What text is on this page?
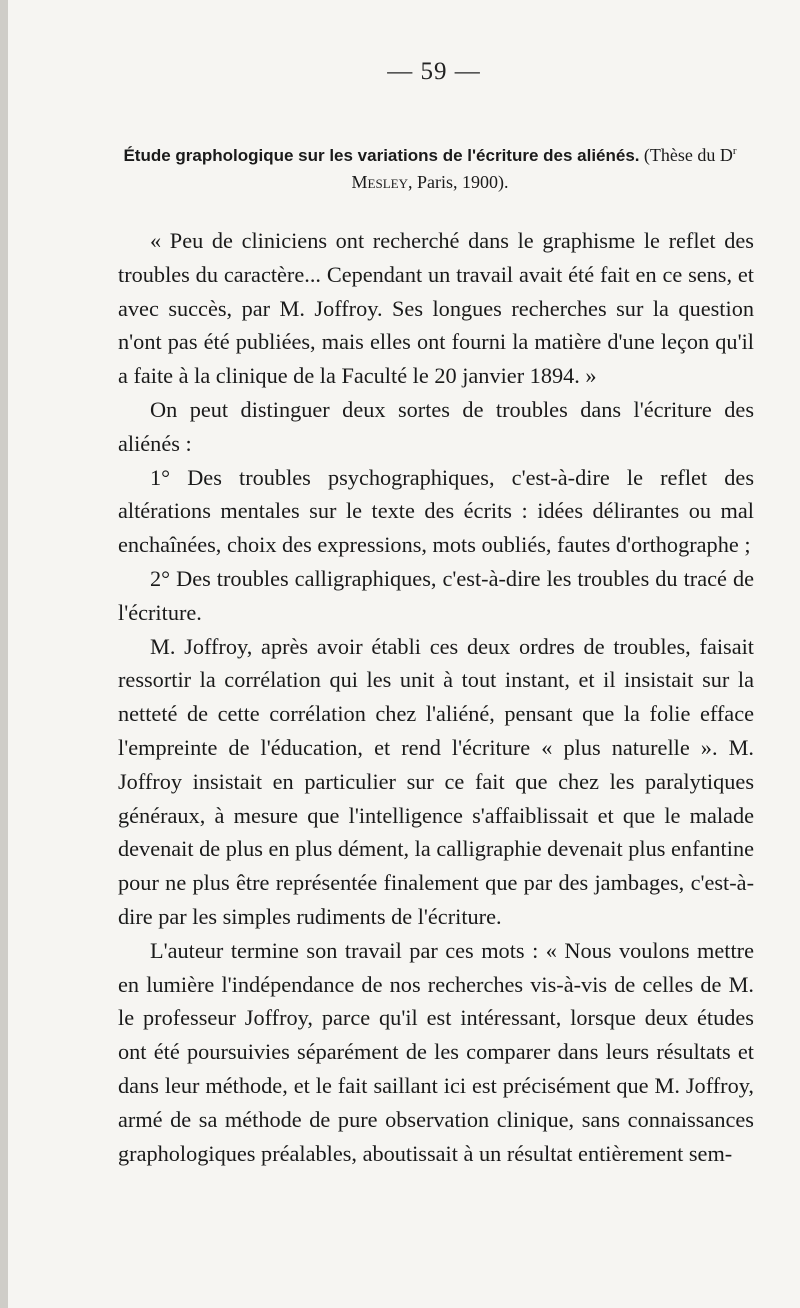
— 59 —
Étude graphologique sur les variations de l'écriture des aliénés. (Thèse du $D^r$ Mesley, Paris, 1900).

« Peu de cliniciens ont recherché dans le graphisme le reflet des troubles du caractère... Cependant un travail avait été fait en ce sens, et avec succès, par M. Joffroy. Ses longues recherches sur la question n'ont pas été publiées, mais elles ont fourni la matière d'une leçon qu'il a faite à la clinique de la Faculté le 20 janvier 1894. »

On peut distinguer deux sortes de troubles dans l'écriture des aliénés :

1° Des troubles psychographiques, c'est-à-dire le reflet des altérations mentales sur le texte des écrits : idées délirantes ou mal enchaînées, choix des expressions, mots oubliés, fautes d'orthographe ;

2° Des troubles calligraphiques, c'est-à-dire les troubles du tracé de l'écriture.

M. Joffroy, après avoir établi ces deux ordres de troubles, faisait ressortir la corrélation qui les unit à tout instant, et il insistait sur la netteté de cette corrélation chez l'aliéné, pensant que la folie efface l'empreinte de l'éducation, et rend l'écriture « plus naturelle ». M. Joffroy insistait en particulier sur ce fait que chez les paralytiques généraux, à mesure que l'intelligence s'affaiblissait et que le malade devenait de plus en plus dément, la calligraphie devenait plus enfantine pour ne plus être représentée finalement que par des jambages, c'est-à-dire par les simples rudiments de l'écriture.

L'auteur termine son travail par ces mots : « Nous voulons mettre en lumière l'indépendance de nos recherches vis-à-vis de celles de M. le professeur Joffroy, parce qu'il est intéressant, lorsque deux études ont été poursuivies séparément de les comparer dans leurs résultats et dans leur méthode, et le fait saillant ici est précisément que M. Joffroy, armé de sa méthode de pure observation clinique, sans connaissances graphologiques préalables, aboutissait à un résultat entièrement sem-
